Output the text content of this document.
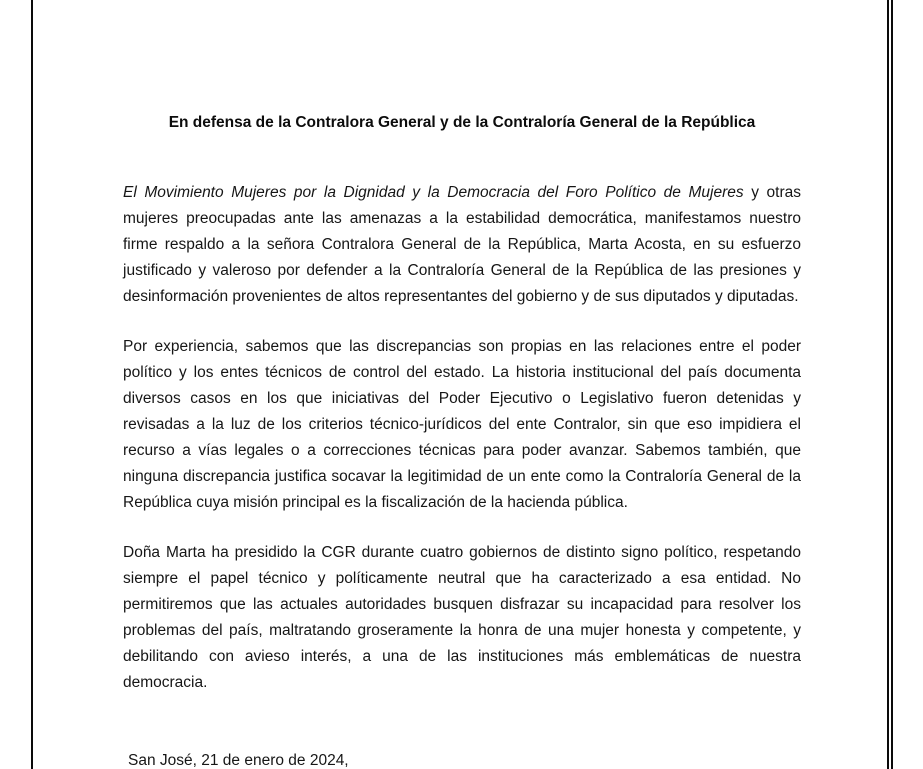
En defensa de la Contralora General y de la Contraloría General de la República

El Movimiento Mujeres por la Dignidad y la Democracia del Foro Político de Mujeres y otras mujeres preocupadas ante las amenazas a la estabilidad democrática, manifestamos nuestro firme respaldo a la señora Contralora General de la República, Marta Acosta, en su esfuerzo justificado y valeroso por defender a la Contraloría General de la República de las presiones y desinformación provenientes de altos representantes del gobierno y de sus diputados y diputadas.

Por experiencia, sabemos que las discrepancias son propias en las relaciones entre el poder político y los entes técnicos de control del estado. La historia institucional del país documenta diversos casos en los que iniciativas del Poder Ejecutivo o Legislativo fueron detenidas y revisadas a la luz de los criterios técnico-jurídicos del ente Contralor, sin que eso impidiera el recurso a vías legales o a correcciones técnicas para poder avanzar. Sabemos también, que ninguna discrepancia justifica socavar la legitimidad de un ente como la Contraloría General de la República cuya misión principal es la fiscalización de la hacienda pública.

Doña Marta ha presidido la CGR durante cuatro gobiernos de distinto signo político, respetando siempre el papel técnico y políticamente neutral que ha caracterizado a esa entidad. No permitiremos que las actuales autoridades busquen disfrazar su incapacidad para resolver los problemas del país, maltratando groseramente la honra de una mujer honesta y competente, y debilitando con avieso interés, a una de las instituciones más emblemáticas de nuestra democracia.

San José, 21 de enero de 2024,
